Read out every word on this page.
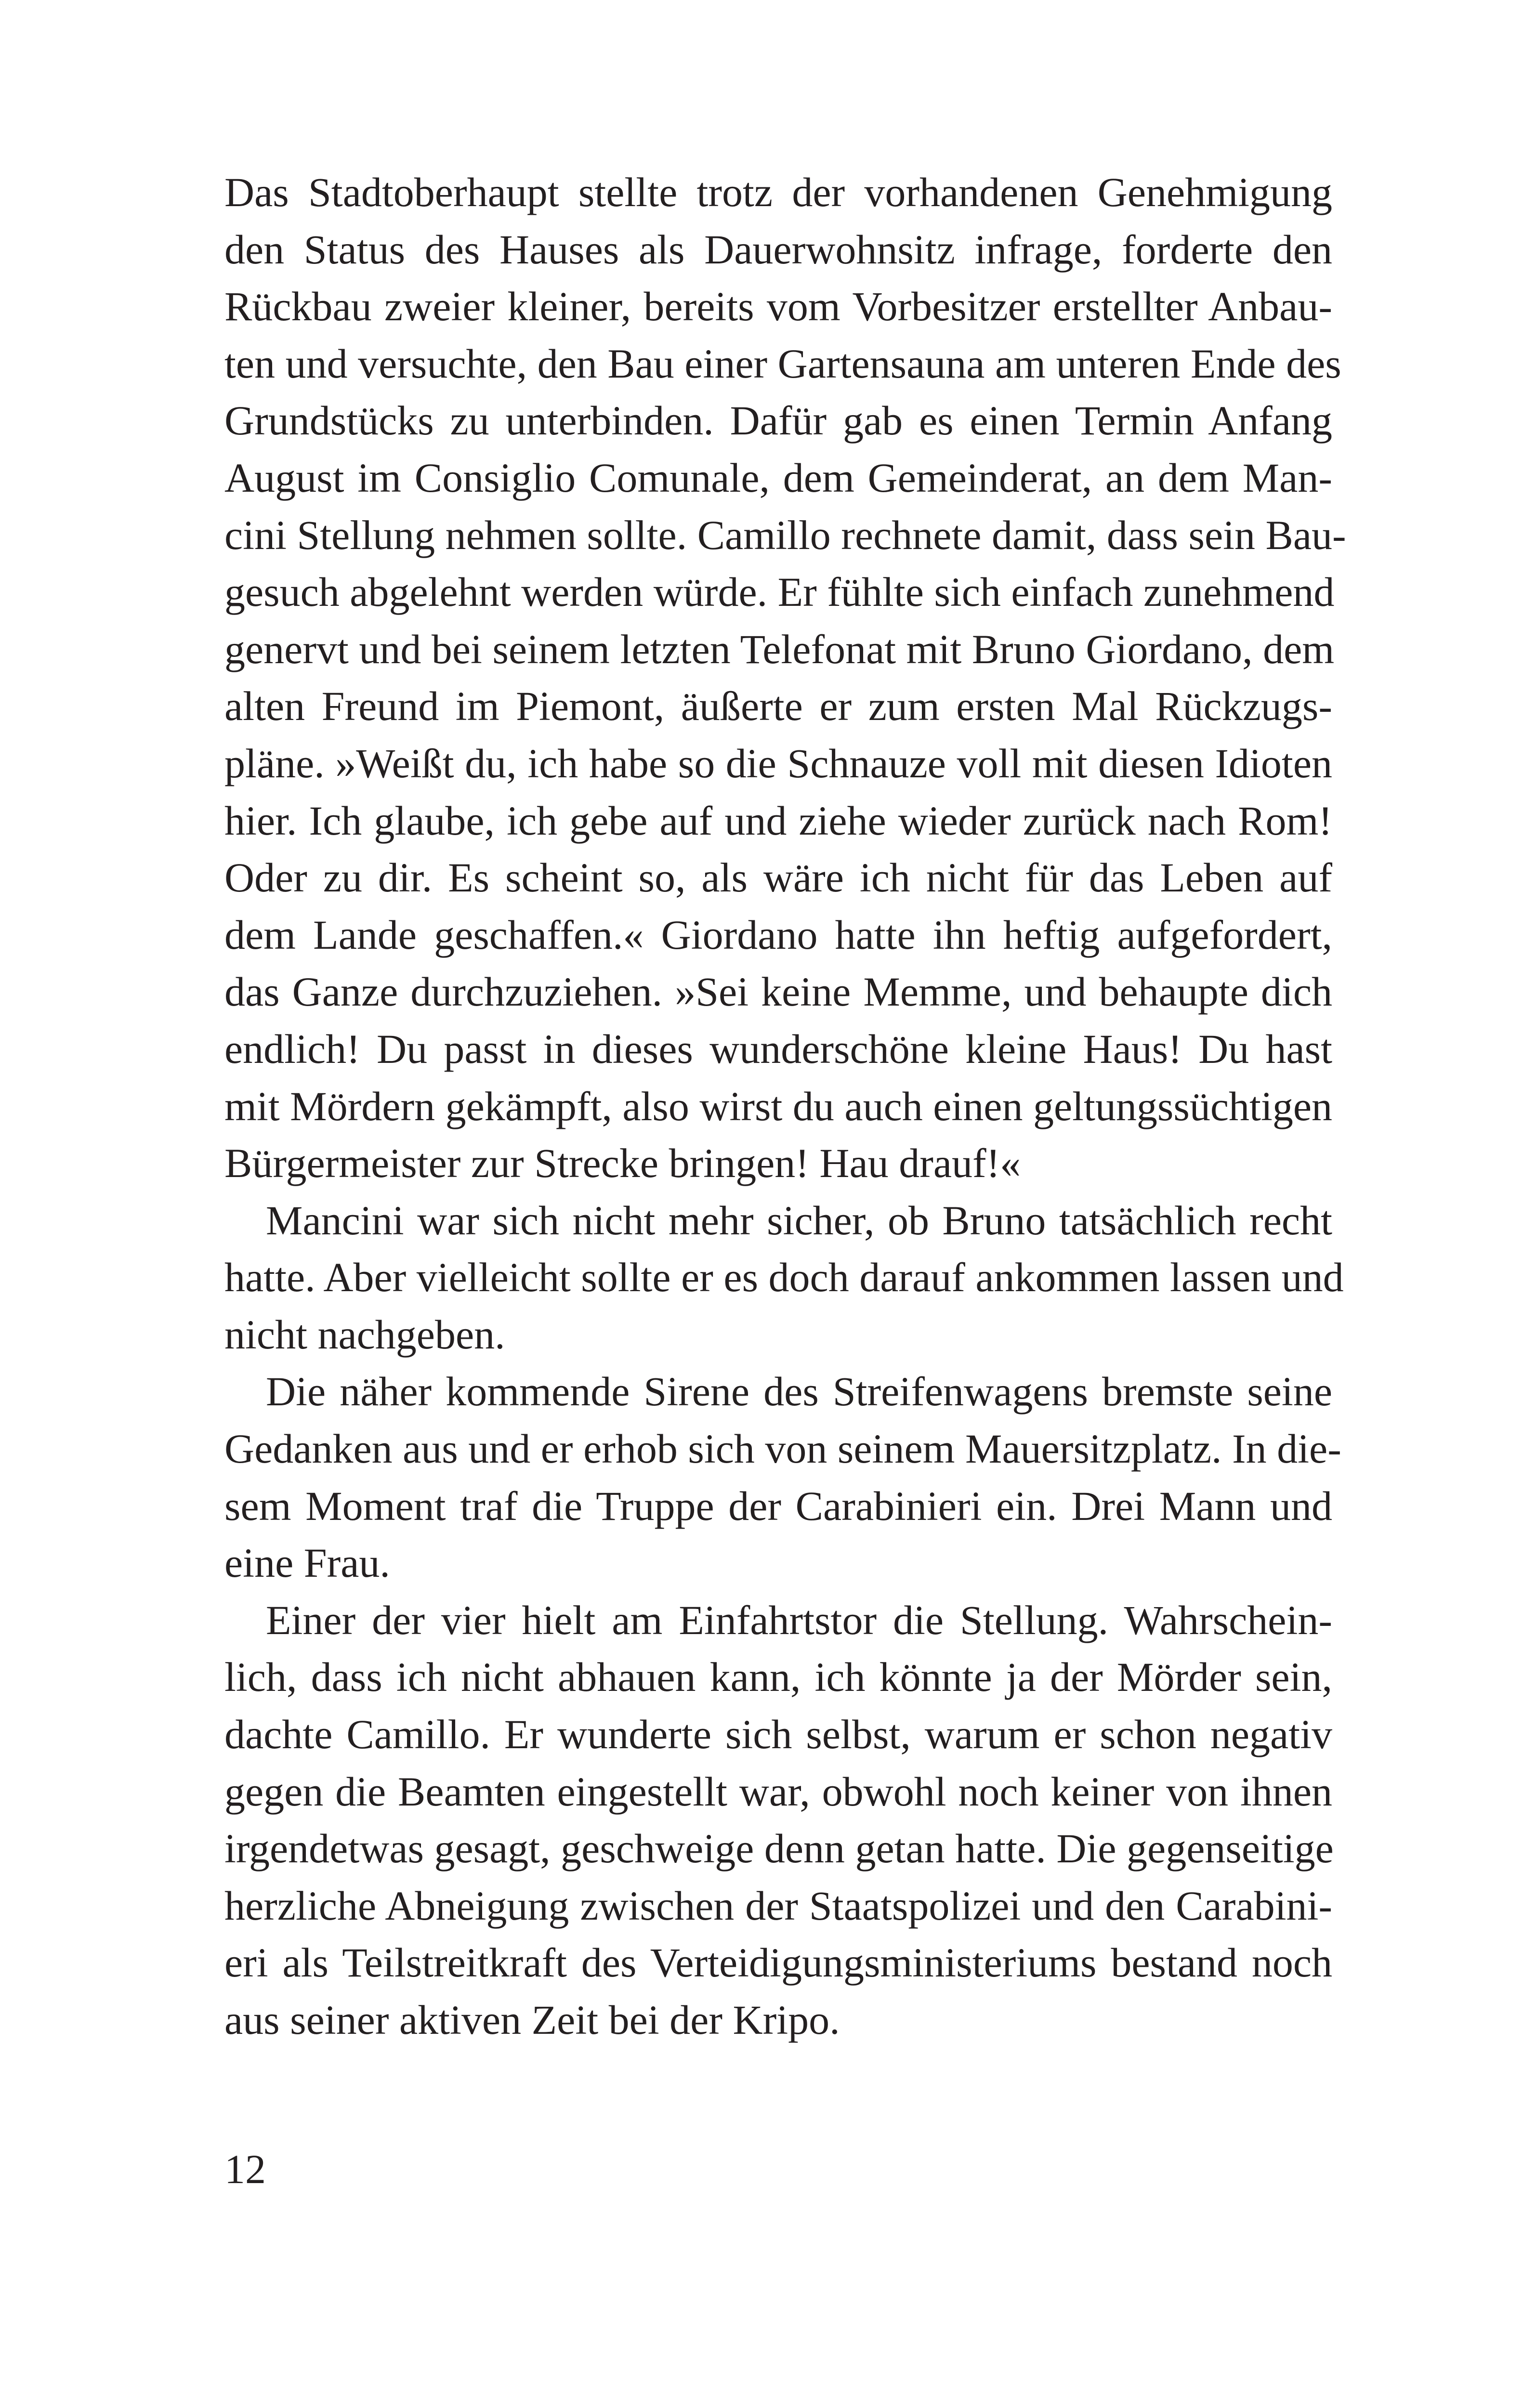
Das Stadtoberhaupt stellte trotz der vorhandenen Genehmigung
den Status des Hauses als Dauerwohnsitz infrage, forderte den
Rückbau zweier kleiner, bereits vom Vorbesitzer erstellter Anbau-
ten und versuchte, den Bau einer Gartensauna am unteren Ende des
Grundstücks zu unterbinden. Dafür gab es einen Termin Anfang
August im Consiglio Comunale, dem Gemeinderat, an dem Man-
cini Stellung nehmen sollte. Camillo rechnete damit, dass sein Bau-
gesuch abgelehnt werden würde. Er fühlte sich einfach zunehmend
genervt und bei seinem letzten Telefonat mit Bruno Giordano, dem
alten Freund im Piemont, äußerte er zum ersten Mal Rückzugs-
pläne. »Weißt du, ich habe so die Schnauze voll mit diesen Idioten
hier. Ich glaube, ich gebe auf und ziehe wieder zurück nach Rom!
Oder zu dir. Es scheint so, als wäre ich nicht für das Leben auf
dem Lande geschaffen.« Giordano hatte ihn heftig aufgefordert,
das Ganze durchzuziehen. »Sei keine Memme, und behaupte dich
endlich! Du passt in dieses wunderschöne kleine Haus! Du hast
mit Mördern gekämpft, also wirst du auch einen geltungssüchtigen
Bürgermeister zur Strecke bringen! Hau drauf!«
Mancini war sich nicht mehr sicher, ob Bruno tatsächlich recht
hatte. Aber vielleicht sollte er es doch darauf ankommen lassen und
nicht nachgeben.
Die näher kommende Sirene des Streifenwagens bremste seine
Gedanken aus und er erhob sich von seinem Mauersitzplatz. In die-
sem Moment traf die Truppe der Carabinieri ein. Drei Mann und
eine Frau.
Einer der vier hielt am Einfahrtstor die Stellung. Wahrschein-
lich, dass ich nicht abhauen kann, ich könnte ja der Mörder sein,
dachte Camillo. Er wunderte sich selbst, warum er schon negativ
gegen die Beamten eingestellt war, obwohl noch keiner von ihnen
irgendetwas gesagt, geschweige denn getan hatte. Die gegenseitige
herzliche Abneigung zwischen der Staatspolizei und den Carabini-
eri als Teilstreitkraft des Verteidigungsministeriums bestand noch
aus seiner aktiven Zeit bei der Kripo.
12
